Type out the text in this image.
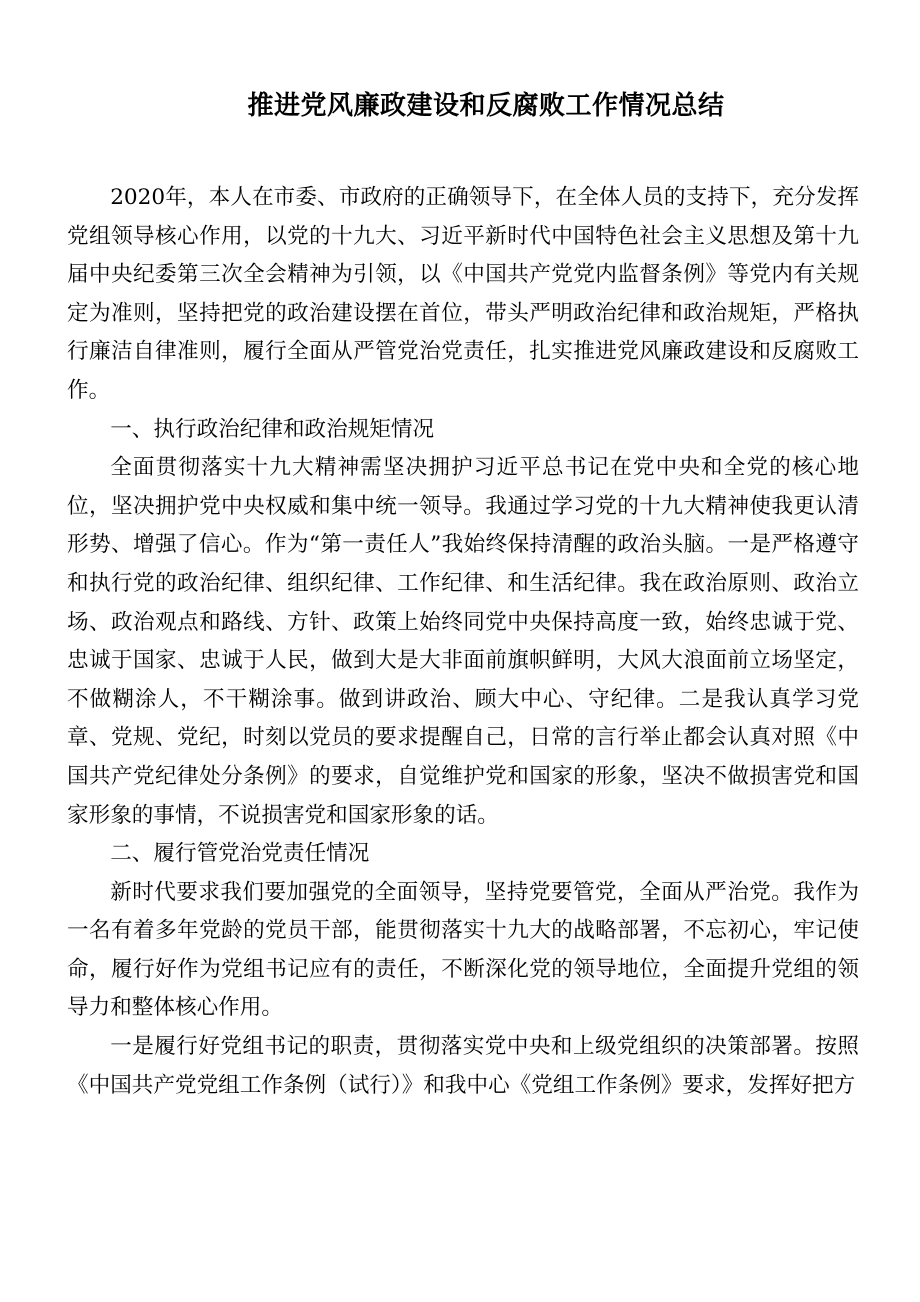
推进党风廉政建设和反腐败工作情况总结

2020年，本人在市委、市政府的正确领导下，在全体人员的支持下，充分发挥党组领导核心作用，以党的十九大、习近平新时代中国特色社会主义思想及第十九届中央纪委第三次全会精神为引领，以《中国共产党党内监督条例》等党内有关规定为准则，坚持把党的政治建设摆在首位，带头严明政治纪律和政治规矩，严格执行廉洁自律准则，履行全面从严管党治党责任，扎实推进党风廉政建设和反腐败工作。

一、执行政治纪律和政治规矩情况

全面贯彻落实十九大精神需坚决拥护习近平总书记在党中央和全党的核心地位，坚决拥护党中央权威和集中统一领导。我通过学习党的十九大精神使我更认清形势、增强了信心。作为“第一责任人”我始终保持清醒的政治头脑。一是严格遵守和执行党的政治纪律、组织纪律、工作纪律、和生活纪律。我在政治原则、政治立场、政治观点和路线、方针、政策上始终同党中央保持高度一致，始终忠诚于党、忠诚于国家、忠诚于人民，做到大是大非面前旗帜鲜明，大风大浪面前立场坚定，不做糊涂人，不干糊涂事。做到讲政治、顾大中心、守纪律。二是我认真学习党章、党规、党纪，时刻以党员的要求提醒自己，日常的言行举止都会认真对照《中国共产党纪律处分条例》的要求，自觉维护党和国家的形象，坚决不做损害党和国家形象的事情，不说损害党和国家形象的话。

二、履行管党治党责任情况

新时代要求我们要加强党的全面领导，坚持党要管党，全面从严治党。我作为一名有着多年党龄的党员干部，能贯彻落实十九大的战略部署，不忘初心，牢记使命，履行好作为党组书记应有的责任，不断深化党的领导地位，全面提升党组的领导力和整体核心作用。

一是履行好党组书记的职责，贯彻落实党中央和上级党组织的决策部署。按照《中国共产党党组工作条例（试行）》和我中心《党组工作条例》要求，发挥好把方
